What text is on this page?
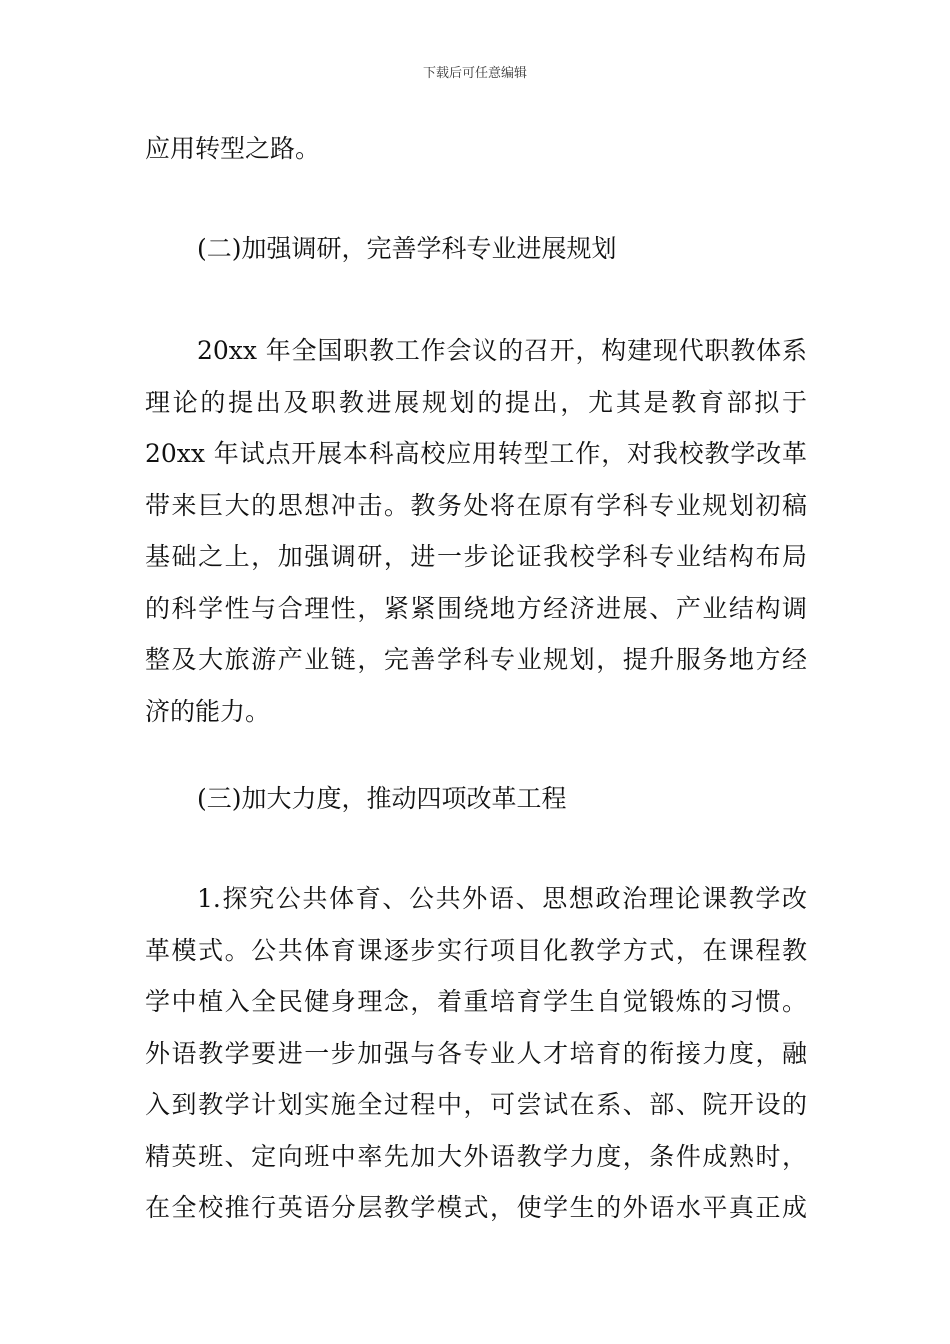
下载后可任意编辑
应用转型之路。
(二)加强调研，完善学科专业进展规划
20xx 年全国职教工作会议的召开，构建现代职教体系
理论的提出及职教进展规划的提出，尤其是教育部拟于
20xx 年试点开展本科高校应用转型工作，对我校教学改革
带来巨大的思想冲击。教务处将在原有学科专业规划初稿
基础之上，加强调研，进一步论证我校学科专业结构布局
的科学性与合理性，紧紧围绕地方经济进展、产业结构调
整及大旅游产业链，完善学科专业规划，提升服务地方经
济的能力。
(三)加大力度，推动四项改革工程
1.探究公共体育、公共外语、思想政治理论课教学改
革模式。公共体育课逐步实行项目化教学方式，在课程教
学中植入全民健身理念，着重培育学生自觉锻炼的习惯。
外语教学要进一步加强与各专业人才培育的衔接力度，融
入到教学计划实施全过程中，可尝试在系、部、院开设的
精英班、定向班中率先加大外语教学力度，条件成熟时，
在全校推行英语分层教学模式，使学生的外语水平真正成
